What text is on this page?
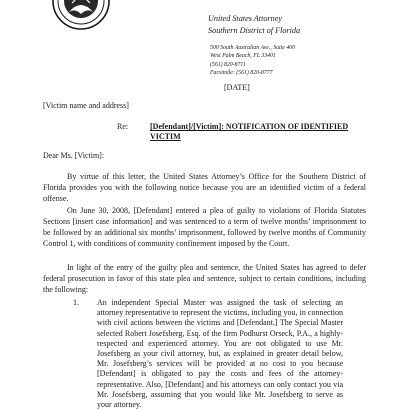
United States Attorney
Southern District of Florida
500 South Australian Ave., Suite 400
West Palm Beach, FL 33401
(561) 820-8711
Facsimile: (561) 820-8777
[DATE]
[Victim name and address]
Re:	[Defendant]/[Victim]: NOTIFICATION OF IDENTIFIED VICTIM
Dear Ms. [Victim]:

By virtue of this letter, the United States Attorney’s Office for the Southern District of Florida provides you with the following notice because you are an identified victim of a federal offense.

On June 30, 2008, [Defendant] entered a plea of guilty to violations of Florida Statutes Sections [insert case information] and was sentenced to a term of twelve months’ imprisonment to be followed by an additional six months’ imprisonment, followed by twelve months of Community Control 1, with conditions of community confinement imposed by the Court.

In light of the entry of the guilty plea and sentence, the United States has agreed to defer federal prosecution in favor of this state plea and sentence, subject to certain conditions, including the following:

1. An independent Special Master was assigned the task of selecting an attorney representative to represent the victims, including you, in connection with civil actions between the victims and [Defendant.] The Special Master selected Robert Josefsberg, Esq. of the firm Podhurst Orseck, P.A., a highly-respected and experienced attorney. You are not obligated to use Mr. Josefsberg as your civil attorney, but, as explained in greater detail below, Mr. Josefsberg’s services will be provided at no cost to you because [Defendant] is obligated to pay the costs and fees of the attorney-representative. Also, [Defendant] and his attorneys can only contact you via Mr. Josefsberg, assuming that you would like Mr. Josefsberg to serve as your attorney.
